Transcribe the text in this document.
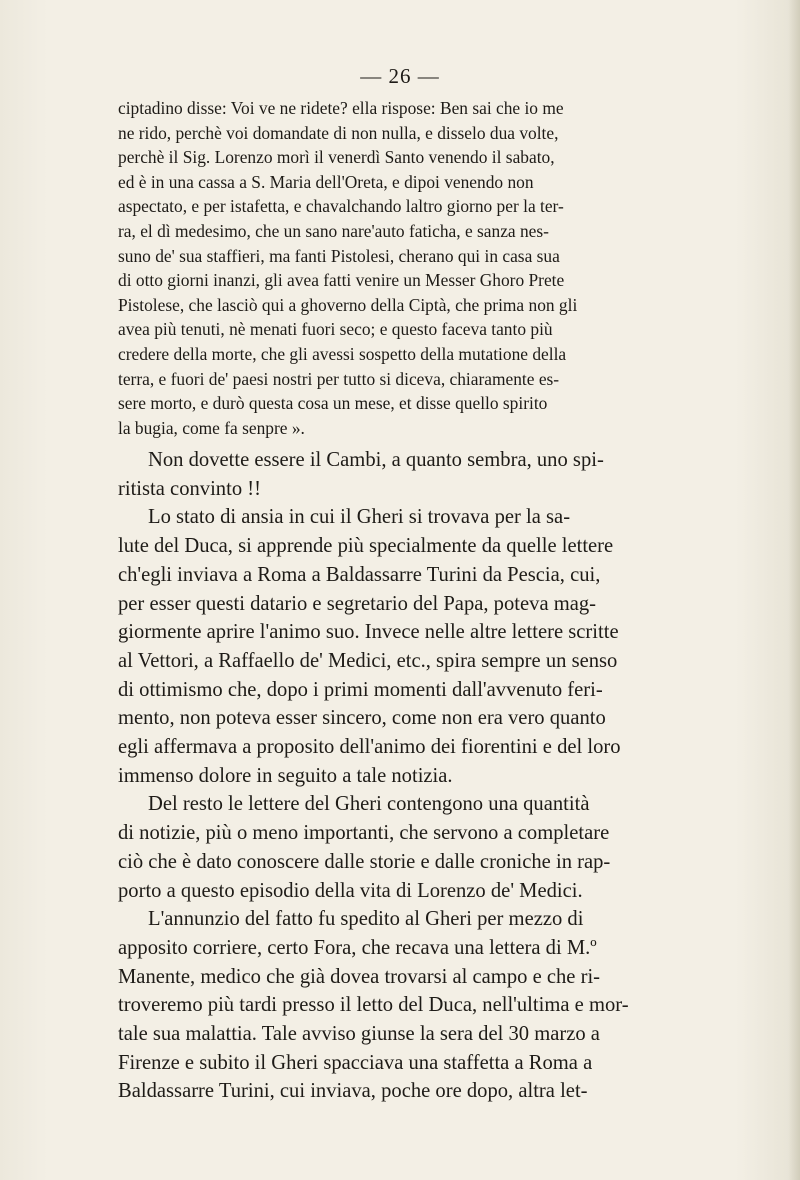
— 26 —
ciptadino disse: Voi ve ne ridete? ella rispose: Ben sai che io me
ne rido, perchè voi domandate di non nulla, e disselo dua volte,
perchè il Sig. Lorenzo morì il venerdì Santo venendo il sabato,
ed è in una cassa a S. Maria dell'Oreta, e dipoi venendo non
aspectato, e per istafetta, e chavalchando laltro giorno per la ter-
ra, el dì medesimo, che un sano nare'auto faticha, e sanza nes-
suno de' sua staffieri, ma fanti Pistolesi, cherano qui in casa sua
di otto giorni inanzi, gli avea fatti venire un Messer Ghoro Prete
Pistolese, che lasciò qui a ghoverno della Ciptà, che prima non gli
avea più tenuti, nè menati fuori seco; e questo faceva tanto più
credere della morte, che gli avessi sospetto della mutatione della
terra, e fuori de' paesi nostri per tutto si diceva, chiaramente es-
sere morto, e durò questa cosa un mese, et disse quello spirito
la bugia, come fa senpre ».
Non dovette essere il Cambi, a quanto sembra, uno spi-
ritista convinto !!
Lo stato di ansia in cui il Gheri si trovava per la sa-
lute del Duca, si apprende più specialmente da quelle lettere
ch'egli inviava a Roma a Baldassarre Turini da Pescia, cui,
per esser questi datario e segretario del Papa, poteva mag-
giormente aprire l'animo suo. Invece nelle altre lettere scritte
al Vettori, a Raffaello de' Medici, etc., spira sempre un senso
di ottimismo che, dopo i primi momenti dall'avvenuto feri-
mento, non poteva esser sincero, come non era vero quanto
egli affermava a proposito dell'animo dei fiorentini e del loro
immenso dolore in seguito a tale notizia.
Del resto le lettere del Gheri contengono una quantità
di notizie, più o meno importanti, che servono a completare
ciò che è dato conoscere dalle storie e dalle croniche in rap-
porto a questo episodio della vita di Lorenzo de' Medici.
L'annunzio del fatto fu spedito al Gheri per mezzo di
apposito corriere, certo Fora, che recava una lettera di M.º
Manente, medico che già dovea trovarsi al campo e che ri-
troveremo più tardi presso il letto del Duca, nell'ultima e mor-
tale sua malattia. Tale avviso giunse la sera del 30 marzo a
Firenze e subito il Gheri spacciava una staffetta a Roma a
Baldassarre Turini, cui inviava, poche ore dopo, altra let-
